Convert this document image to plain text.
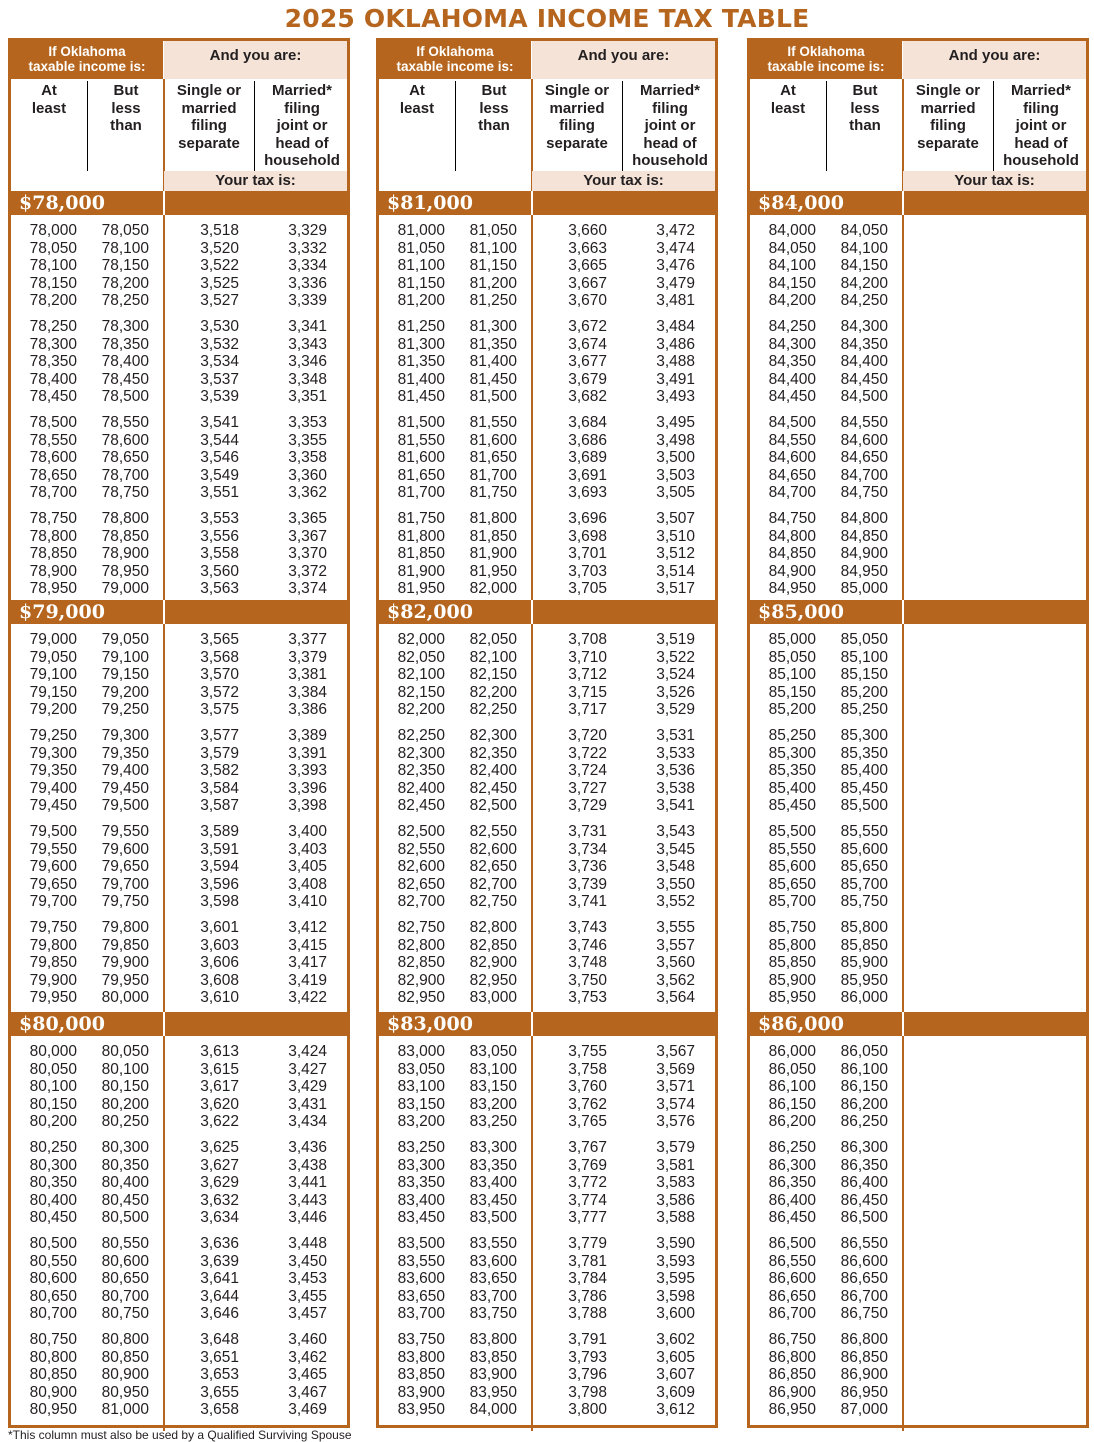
2025 OKLAHOMA INCOME TAX TABLE
If Oklahoma
taxable income is:
And you are:
At
least
But
less
than
Single or
married
filing
separate
Married*
filing
joint or
head of
household
Your tax is:
$78,000
78,000 78,050	3,518	3,329
78,050 78,100	3,520	3,332
78,100 78,150	3,522	3,334
78,150 78,200	3,525	3,336
78,200 78,250	3,527	3,339
78,250 78,300	3,530	3,341
78,300 78,350	3,532	3,343
78,350 78,400	3,534	3,346
78,400 78,450	3,537	3,348
78,450 78,500	3,539	3,351
78,500 78,550	3,541	3,353
78,550 78,600	3,544	3,355
78,600 78,650	3,546	3,358
78,650 78,700	3,549	3,360
78,700 78,750	3,551	3,362
78,750 78,800	3,553	3,365
78,800 78,850	3,556	3,367
78,850 78,900	3,558	3,370
78,900 78,950	3,560	3,372
78,950 79,000	3,563	3,374
$79,000
79,000 79,050	3,565	3,377
79,050 79,100	3,568	3,379
79,100 79,150	3,570	3,381
79,150 79,200	3,572	3,384
79,200 79,250	3,575	3,386
79,250 79,300	3,577	3,389
79,300 79,350	3,579	3,391
79,350 79,400	3,582	3,393
79,400 79,450	3,584	3,396
79,450 79,500	3,587	3,398
79,500 79,550	3,589	3,400
79,550 79,600	3,591	3,403
79,600 79,650	3,594	3,405
79,650 79,700	3,596	3,408
79,700 79,750	3,598	3,410
79,750 79,800	3,601	3,412
79,800 79,850	3,603	3,415
79,850 79,900	3,606	3,417
79,900 79,950	3,608	3,419
79,950 80,000	3,610	3,422
$80,000
80,000 80,050	3,613	3,424
80,050 80,100	3,615	3,427
80,100 80,150	3,617	3,429
80,150 80,200	3,620	3,431
80,200 80,250	3,622	3,434
80,250 80,300	3,625	3,436
80,300 80,350	3,627	3,438
80,350 80,400	3,629	3,441
80,400 80,450	3,632	3,443
80,450 80,500	3,634	3,446
80,500 80,550	3,636	3,448
80,550 80,600	3,639	3,450
80,600 80,650	3,641	3,453
80,650 80,700	3,644	3,455
80,700 80,750	3,646	3,457
80,750 80,800	3,648	3,460
80,800 80,850	3,651	3,462
80,850 80,900	3,653	3,465
80,900 80,950	3,655	3,467
80,950 81,000	3,658	3,469
If Oklahoma
taxable income is:
And you are:
At
least
But
less
than
Single or
married
filing
separate
Married*
filing
joint or
head of
household
Your tax is:
$81,000
81,000 81,050	3,660	3,472
81,050 81,100	3,663	3,474
81,100 81,150	3,665	3,476
81,150 81,200	3,667	3,479
81,200 81,250	3,670	3,481
81,250 81,300	3,672	3,484
81,300 81,350	3,674	3,486
81,350 81,400	3,677	3,488
81,400 81,450	3,679	3,491
81,450 81,500	3,682	3,493
81,500 81,550	3,684	3,495
81,550 81,600	3,686	3,498
81,600 81,650	3,689	3,500
81,650 81,700	3,691	3,503
81,700 81,750	3,693	3,505
81,750 81,800	3,696	3,507
81,800 81,850	3,698	3,510
81,850 81,900	3,701	3,512
81,900 81,950	3,703	3,514
81,950 82,000	3,705	3,517
$82,000
82,000 82,050	3,708	3,519
82,050 82,100	3,710	3,522
82,100 82,150	3,712	3,524
82,150 82,200	3,715	3,526
82,200 82,250	3,717	3,529
82,250 82,300	3,720	3,531
82,300 82,350	3,722	3,533
82,350 82,400	3,724	3,536
82,400 82,450	3,727	3,538
82,450 82,500	3,729	3,541
82,500 82,550	3,731	3,543
82,550 82,600	3,734	3,545
82,600 82,650	3,736	3,548
82,650 82,700	3,739	3,550
82,700 82,750	3,741	3,552
82,750 82,800	3,743	3,555
82,800 82,850	3,746	3,557
82,850 82,900	3,748	3,560
82,900 82,950	3,750	3,562
82,950 83,000	3,753	3,564
$83,000
83,000 83,050	3,755	3,567
83,050 83,100	3,758	3,569
83,100 83,150	3,760	3,571
83,150 83,200	3,762	3,574
83,200 83,250	3,765	3,576
83,250 83,300	3,767	3,579
83,300 83,350	3,769	3,581
83,350 83,400	3,772	3,583
83,400 83,450	3,774	3,586
83,450 83,500	3,777	3,588
83,500 83,550	3,779	3,590
83,550 83,600	3,781	3,593
83,600 83,650	3,784	3,595
83,650 83,700	3,786	3,598
83,700 83,750	3,788	3,600
83,750 83,800	3,791	3,602
83,800 83,850	3,793	3,605
83,850 83,900	3,796	3,607
83,900 83,950	3,798	3,609
83,950 84,000	3,800	3,612
If Oklahoma
taxable income is:
And you are:
At
least
But
less
than
Single or
married
filing
separate
Married*
filing
joint or
head of
household
Your tax is:
$84,000
84,000 84,050
84,050 84,100
84,100 84,150
84,150 84,200
84,200 84,250
84,250 84,300
84,300 84,350
84,350 84,400
84,400 84,450
84,450 84,500
84,500 84,550
84,550 84,600
84,600 84,650
84,650 84,700
84,700 84,750
84,750 84,800
84,800 84,850
84,850 84,900
84,900 84,950
84,950 85,000
$85,000
85,000 85,050
85,050 85,100
85,100 85,150
85,150 85,200
85,200 85,250
85,250 85,300
85,300 85,350
85,350 85,400
85,400 85,450
85,450 85,500
85,500 85,550
85,550 85,600
85,600 85,650
85,650 85,700
85,700 85,750
85,750 85,800
85,800 85,850
85,850 85,900
85,900 85,950
85,950 86,000
$86,000
86,000 86,050
86,050 86,100
86,100 86,150
86,150 86,200
86,200 86,250
86,250 86,300
86,300 86,350
86,350 86,400
86,400 86,450
86,450 86,500
86,500 86,550
86,550 86,600
86,600 86,650
86,650 86,700
86,700 86,750
86,750 86,800
86,800 86,850
86,850 86,900
86,900 86,950
86,950 87,000
*This column must also be used by a Qualified Surviving Spouse
